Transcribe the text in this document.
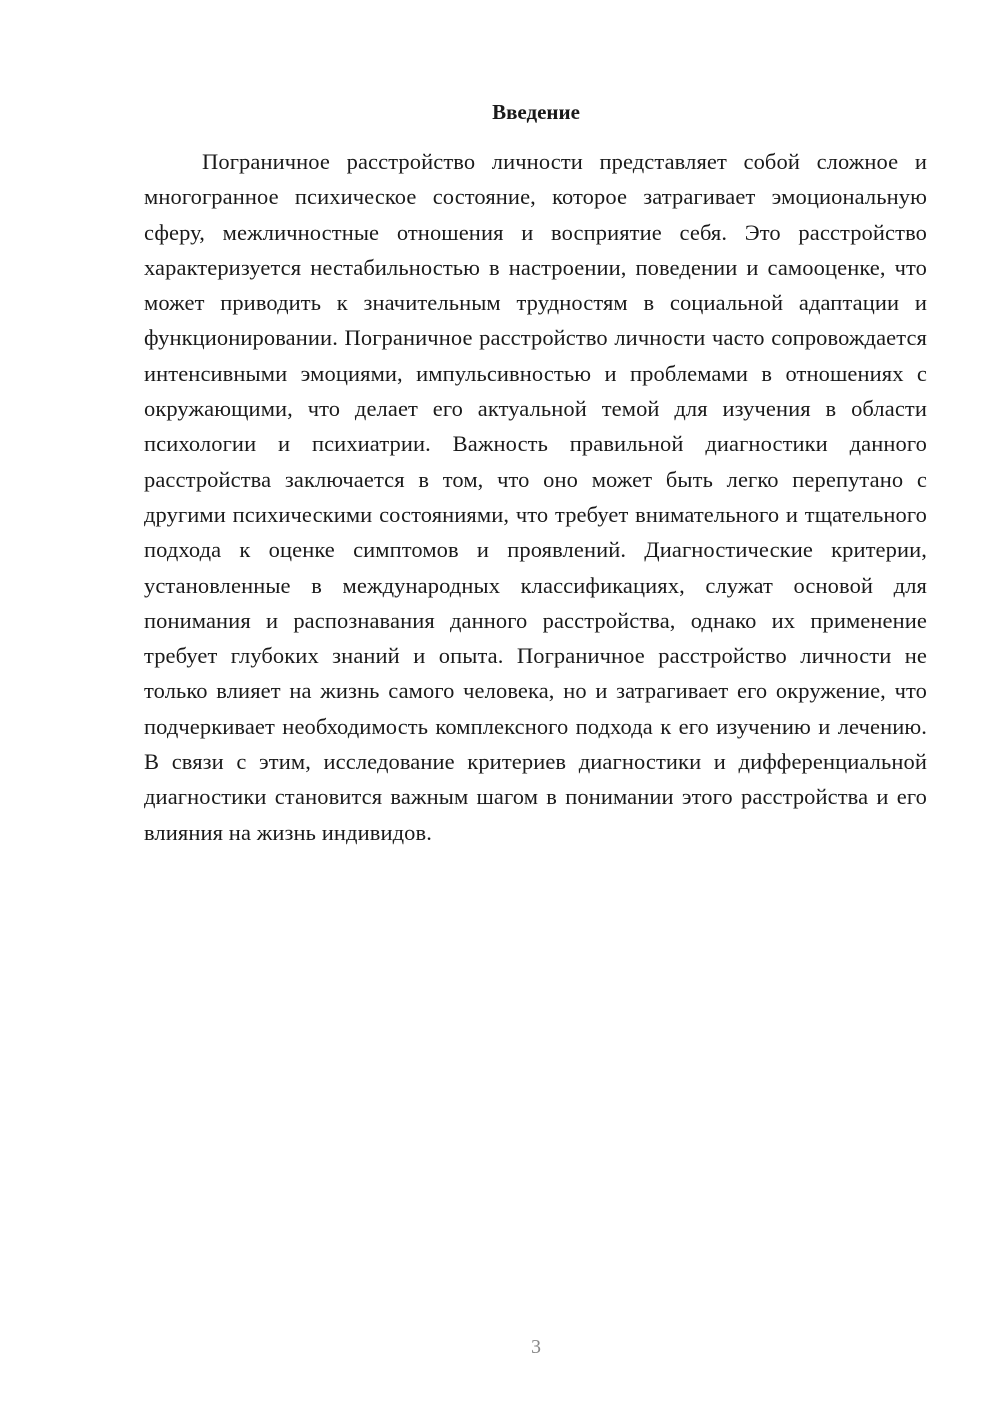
Введение

Пограничное расстройство личности представляет собой сложное и многогранное психическое состояние, которое затрагивает эмоциональную сферу, межличностные отношения и восприятие себя. Это расстройство характеризуется нестабильностью в настроении, поведении и самооценке, что может приводить к значительным трудностям в социальной адаптации и функционировании. Пограничное расстройство личности часто сопровождается интенсивными эмоциями, импульсивностью и проблемами в отношениях с окружающими, что делает его актуальной темой для изучения в области психологии и психиатрии. Важность правильной диагностики данного расстройства заключается в том, что оно может быть легко перепутано с другими психическими состояниями, что требует внимательного и тщательного подхода к оценке симптомов и проявлений. Диагностические критерии, установленные в международных классификациях, служат основой для понимания и распознавания данного расстройства, однако их применение требует глубоких знаний и опыта. Пограничное расстройство личности не только влияет на жизнь самого человека, но и затрагивает его окружение, что подчеркивает необходимость комплексного подхода к его изучению и лечению. В связи с этим, исследование критериев диагностики и дифференциальной диагностики становится важным шагом в понимании этого расстройства и его влияния на жизнь индивидов.

3
